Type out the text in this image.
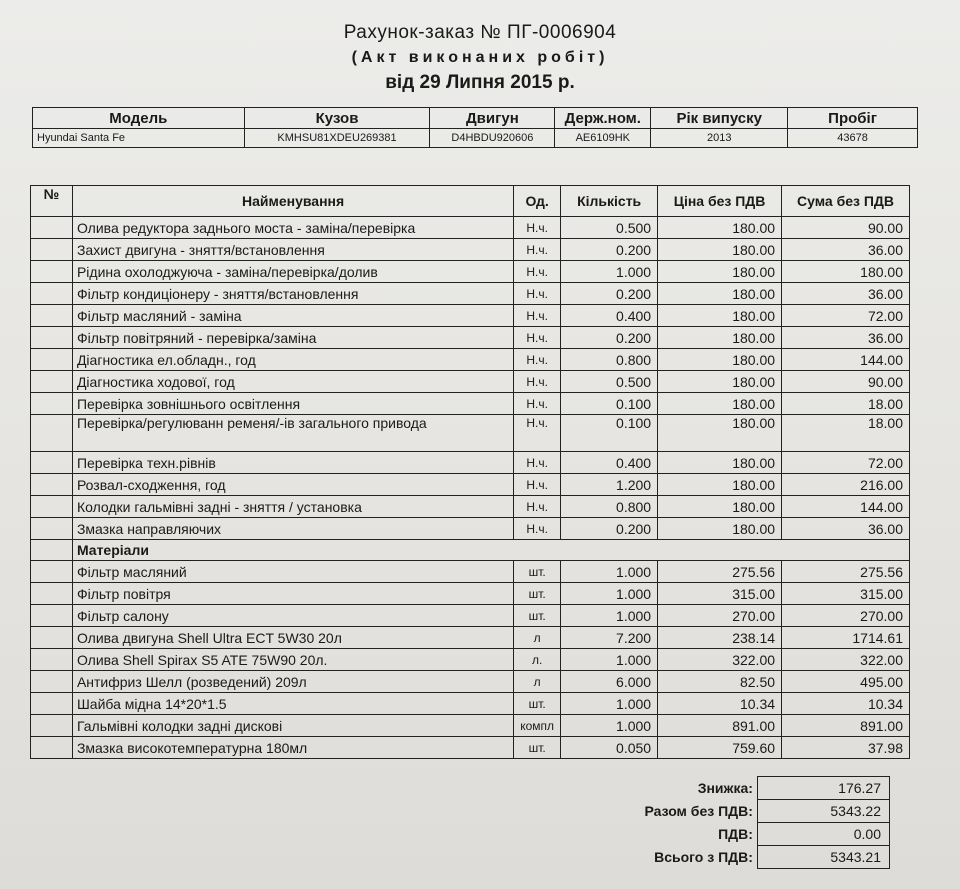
Рахунок-заказ № ПГ-0006904
(Акт виконаних робіт)
від 29 Липня 2015 р.
Модель	Кузов	Двигун	Держ.ном.	Рік випуску	Пробіг
Hyundai Santa Fe	KMHSU81XDEU269381	D4HBDU920606	AE6109HK	2013	43678
№	Найменування	Од.	Кількість	Ціна без ПДВ	Сума без ПДВ
	Олива редуктора заднього моста - заміна/перевірка	Н.ч.	0.500	180.00	90.00
	Захист двигуна - зняття/встановлення	Н.ч.	0.200	180.00	36.00
	Рідина охолоджуюча - заміна/перевірка/долив	Н.ч.	1.000	180.00	180.00
	Фільтр кондиціонеру - зняття/встановлення	Н.ч.	0.200	180.00	36.00
	Фільтр масляний - заміна	Н.ч.	0.400	180.00	72.00
	Фільтр повітряний - перевірка/заміна	Н.ч.	0.200	180.00	36.00
	Діагностика ел.обладн., год	Н.ч.	0.800	180.00	144.00
	Діагностика ходової, год	Н.ч.	0.500	180.00	90.00
	Перевірка зовнішнього освітлення	Н.ч.	0.100	180.00	18.00
	Перевірка/регулюванн ременя/-ів загального привода	Н.ч.	0.100	180.00	18.00
	Перевірка техн.рівнів	Н.ч.	0.400	180.00	72.00
	Розвал-сходження, год	Н.ч.	1.200	180.00	216.00
	Колодки гальмівні задні - зняття / установка	Н.ч.	0.800	180.00	144.00
	Змазка направляючих	Н.ч.	0.200	180.00	36.00
	Матеріали				
	Фільтр масляний	шт.	1.000	275.56	275.56
	Фільтр повітря	шт.	1.000	315.00	315.00
	Фільтр салону	шт.	1.000	270.00	270.00
	Олива двигуна Shell Ultra ECT 5W30 20л	л	7.200	238.14	1714.61
	Олива Shell Spirax S5 ATE 75W90 20л.	л.	1.000	322.00	322.00
	Антифриз Шелл (розведений) 209л	л	6.000	82.50	495.00
	Шайба мідна 14*20*1.5	шт.	1.000	10.34	10.34
	Гальмівні колодки задні дискові	компл	1.000	891.00	891.00
	Змазка високотемпературна 180мл	шт.	0.050	759.60	37.98
Знижка:	176.27
Разом без ПДВ:	5343.22
ПДВ:	0.00
Всього з ПДВ:	5343.21
